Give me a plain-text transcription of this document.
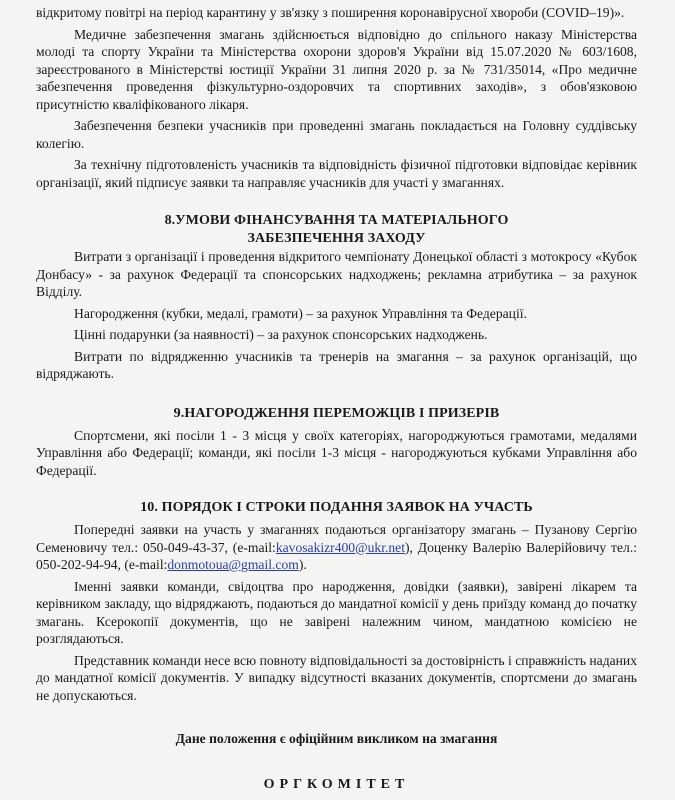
відкритому повітрі на період карантину у зв'язку з поширення коронавірусної хвороби (COVID–19)».

Медичне забезпечення змагань здійснюється відповідно до спільного наказу Міністерства молоді та спорту України та Міністерства охорони здоров'я України від 15.07.2020 № 603/1608, зареєстрованого в Міністерстві юстиції України 31 липня 2020 р. за № 731/35014, «Про медичне забезпечення проведення фізкультурно-оздоровчих та спортивних заходів», з обов'язковою присутністю кваліфікованого лікаря.

Забезпечення безпеки учасників при проведенні змагань покладається на Головну суддівську колегію.

За технічну підготовленість учасників та відповідність фізичної підготовки відповідає керівник організації, який підписує заявки та направляє учасників для участі у змаганнях.

8.УМОВИ ФІНАНСУВАННЯ ТА МАТЕРІАЛЬНОГО
ЗАБЕЗПЕЧЕННЯ ЗАХОДУ

Витрати з організації і проведення відкритого чемпіонату Донецької області з мотокросу «Кубок Донбасу» - за рахунок Федерації та спонсорських надходжень; рекламна атрибутика – за рахунок Відділу.

Нагородження (кубки, медалі, грамоти) – за рахунок Управління та Федерації.

Цінні подарунки (за наявності) – за рахунок спонсорських надходжень.

Витрати по відрядженню учасників та тренерів на змагання – за рахунок організацій, що відряджають.

9.НАГОРОДЖЕННЯ ПЕРЕМОЖЦІВ І ПРИЗЕРІВ

Спортсмени, які посіли 1 - 3 місця у своїх категоріях, нагороджуються грамотами, медалями Управління або Федерації; команди, які посіли 1-3 місця - нагороджуються кубками Управління або Федерації.

10. ПОРЯДОК І СТРОКИ ПОДАННЯ ЗАЯВОК НА УЧАСТЬ

Попередні заявки на участь у змаганнях подаються організатору змагань – Пузанову Сергію Семеновичу тел.: 050-049-43-37, (e-mail:kavosakizr400@ukr.net), Доценку Валерію Валерійовичу тел.: 050-202-94-94, (e-mail:donmotoua@gmail.com).

Іменні заявки команди, свідоцтва про народження, довідки (заявки), завірені лікарем та керівником закладу, що відряджають, подаються до мандатної комісії у день приїзду команд до початку змагань. Ксерокопії документів, що не завірені належним чином, мандатною комісією не розглядаються.

Представник команди несе всю повноту відповідальності за достовірність і справжність наданих до мандатної комісії документів. У випадку відсутності вказаних документів, спортсмени до змагань не допускаються.

Дане положення є офіційним викликом на змагання
ОРГКОМІТЕТ
